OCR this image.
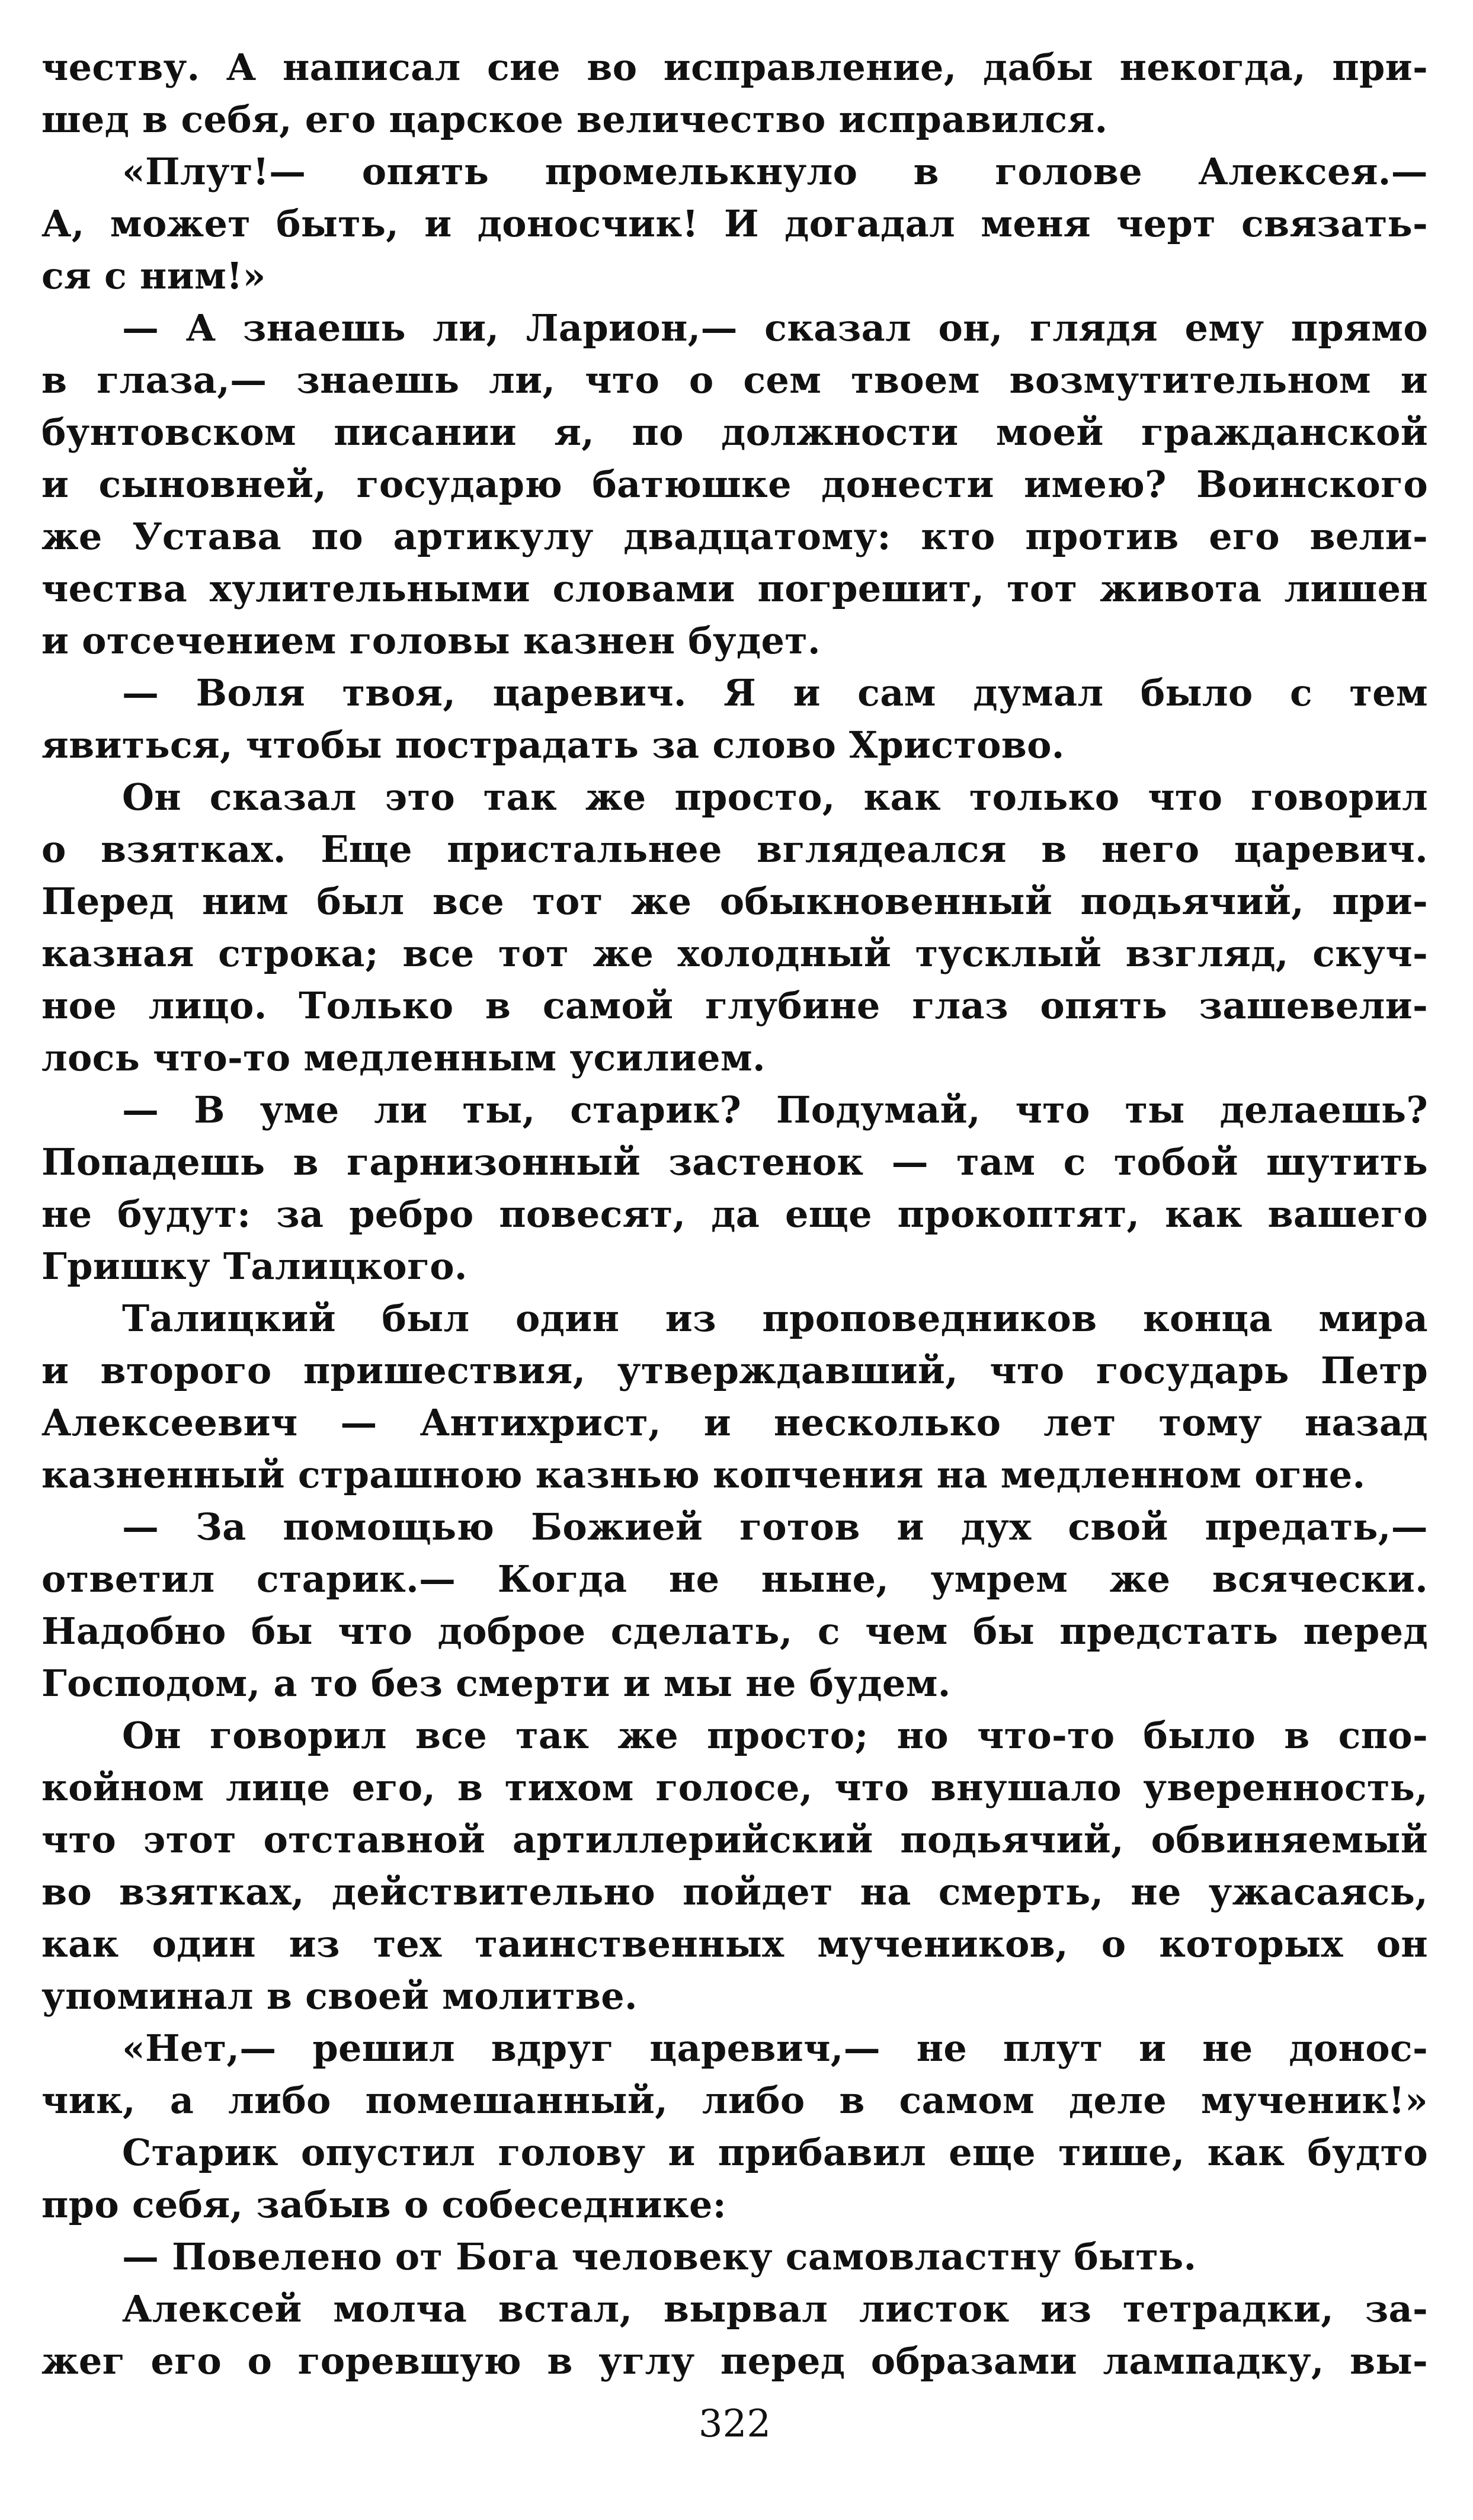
честву. А написал сие во исправление, дабы некогда, при-
шед в себя, его царское величество исправился.
«Плут!— опять промелькнуло в голове Алексея.—
А, может быть, и доносчик! И догадал меня черт связать-
ся с ним!»
— А знаешь ли, Ларион,— сказал он, глядя ему прямо
в глаза,— знаешь ли, что о сем твоем возмутительном и
бунтовском писании я, по должности моей гражданской
и сыновней, государю батюшке донести имею? Воинского
же Устава по артикулу двадцатому: кто против его вели-
чества хулительными словами погрешит, тот живота лишен
и отсечением головы казнен будет.
— Воля твоя, царевич. Я и сам думал было с тем
явиться, чтобы пострадать за слово Христово.
Он сказал это так же просто, как только что говорил
о взятках. Еще пристальнее вглядеался в него царевич.
Перед ним был все тот же обыкновенный подьячий, при-
казная строка; все тот же холодный тусклый взгляд, скуч-
ное лицо. Только в самой глубине глаз опять зашевели-
лось что-то медленным усилием.
— В уме ли ты, старик? Подумай, что ты делаешь?
Попадешь в гарнизонный застенок — там с тобой шутить
не будут: за ребро повесят, да еще прокоптят, как вашего
Гришку Талицкого.
Талицкий был один из проповедников конца мира
и второго пришествия, утверждавший, что государь Петр
Алексеевич — Антихрист, и несколько лет тому назад
казненный страшною казнью копчения на медленном огне.
— За помощью Божией готов и дух свой предать,—
ответил старик.— Когда не ныне, умрем же всячески.
Надобно бы что доброе сделать, с чем бы предстать перед
Господом, а то без смерти и мы не будем.
Он говорил все так же просто; но что-то было в спо-
койном лице его, в тихом голосе, что внушало уверенность,
что этот отставной артиллерийский подьячий, обвиняемый
во взятках, действительно пойдет на смерть, не ужасаясь,
как один из тех таинственных мучеников, о которых он
упоминал в своей молитве.
«Нет,— решил вдруг царевич,— не плут и не донос-
чик, а либо помешанный, либо в самом деле мученик!»
Старик опустил голову и прибавил еще тише, как будто
про себя, забыв о собеседнике:
— Повелено от Бога человеку самовластну быть.
Алексей молча встал, вырвал листок из тетрадки, за-
жег его о горевшую в углу перед образами лампадку, вы-
322
